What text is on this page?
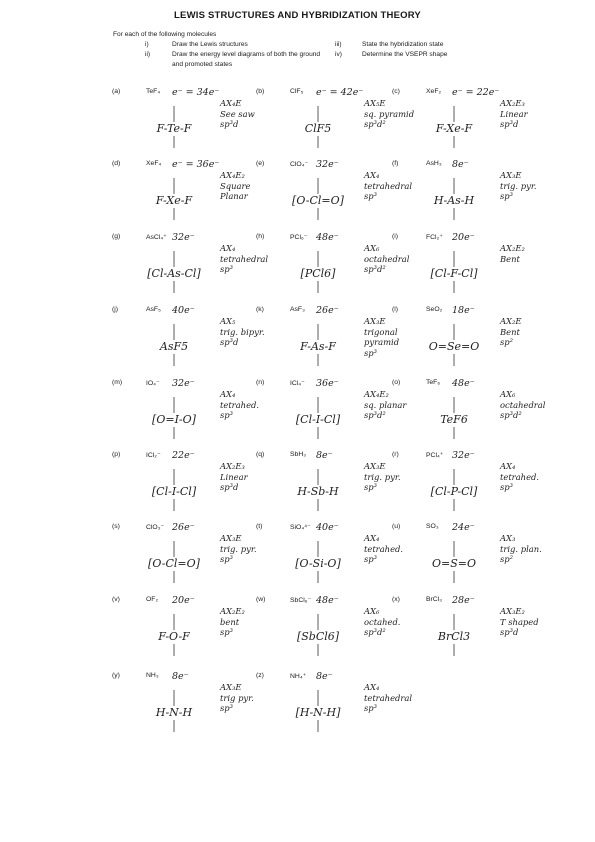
LEWIS STRUCTURES AND HYBRIDIZATION THEORY
For each of the following molecules
i)	Draw the Lewis structures
ii)	Draw the energy level diagrams of both the ground and promoted states
iii)	State the hybridization state
iv)	Determine the VSEPR shape
(a)	TeF₄ e⁻ = 34e⁻
F-Te-F
AX₄E
See saw
sp³d
(b)	ClF₅ e⁻ = 42e⁻
ClF5
AX₅E
sq. pyramid
sp³d²
(c)	XeF₂ e⁻ = 22e⁻
F-Xe-F
AX₂E₃
Linear
sp³d
(d)	XeF₄ e⁻ = 36e⁻
F-Xe-F
AX₄E₂
Square
Planar
(e)	ClO₄⁻ 32e⁻
[O-Cl=O]
AX₄
tetrahedral
sp³
(f)	AsH₃ 8e⁻
H-As-H
AX₃E
trig. pyr.
sp³
(g)	AsCl₄⁺ 32e⁻
[Cl-As-Cl]
AX₄
tetrahedral
sp³
(h)	PCl₆⁻ 48e⁻
[PCl6]
AX₆
octahedral
sp³d²
(i)	FCl₂⁺ 20e⁻
[Cl-F-Cl]
AX₂E₂
Bent
(j)	AsF₅ 40e⁻
AsF5
AX₅
trig. bipyr.
sp³d
(k)	AsF₃ 26e⁻
F-As-F
AX₃E
trigonal pyramid
sp³
(l)	SeO₂ 18e⁻
O=Se=O
AX₂E
Bent
sp²
(m)	IO₄⁻ 32e⁻
[O=I-O]
AX₄
tetrahed.
sp³
(n)	ICl₄⁻ 36e⁻
[Cl-I-Cl]
AX₄E₂
sq. planar
sp³d²
(o)	TeF₆ 48e⁻
TeF6
AX₆
octahedral
sp³d²
(p)	ICl₂⁻ 22e⁻
[Cl-I-Cl]
AX₂E₃
Linear
sp³d
(q)	SbH₃ 8e⁻
H-Sb-H
AX₃E
trig. pyr.
sp³
(r)	PCl₄⁺ 32e⁻
[Cl-P-Cl]
AX₄
tetrahed.
sp³
(s)	ClO₃⁻ 26e⁻
[O-Cl=O]
AX₃E
trig. pyr.
sp³
(t)	SiO₄⁴⁻ 40e⁻
[O-Si-O]
AX₄
tetrahed.
sp³
(u)	SO₃ 24e⁻
O=S=O
AX₃
trig. plan.
sp²
(v)	OF₂ 20e⁻
F-O-F
AX₂E₂
bent
sp³
(w)	SbCl₆⁻ 48e⁻
[SbCl6]
AX₆
octahed.
sp³d²
(x)	BrCl₃ 28e⁻
BrCl3
AX₃E₂
T shaped
sp³d
(y)	NH₃ 8e⁻
H-N-H
AX₃E
trig pyr.
sp³
(z)	NH₄⁺ 8e⁻
[H-N-H]
AX₄
tetrahedral
sp³
